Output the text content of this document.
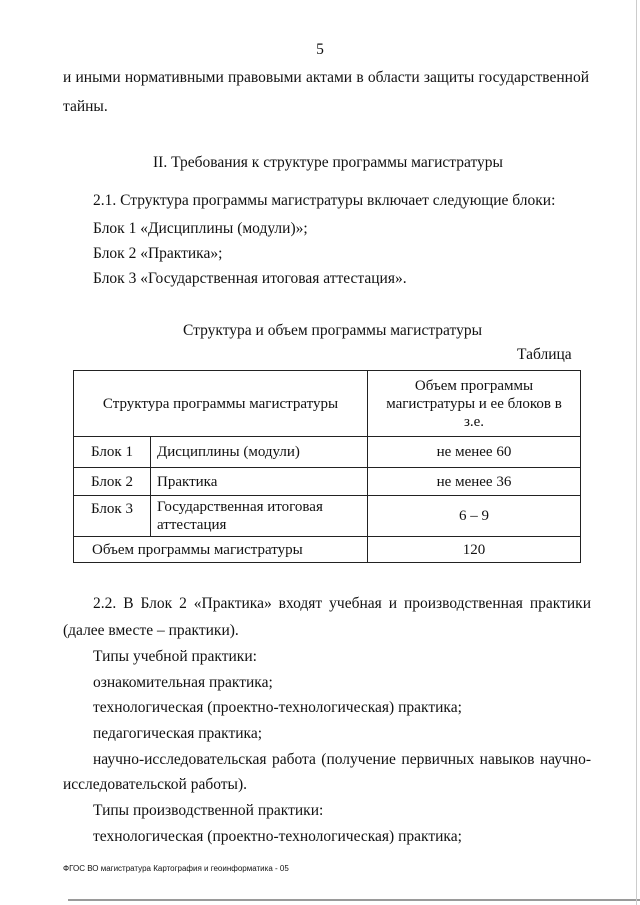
5
и иными нормативными правовыми актами в области защиты государственной
тайны.
II. Требования к структуре программы магистратуры
2.1. Структура программы магистратуры включает следующие блоки:
Блок 1 «Дисциплины (модули)»;
Блок 2 «Практика»;
Блок 3 «Государственная итоговая аттестация».
Структура и объем программы магистратуры
Таблица
Структура программы магистратуры		Объем программы магистратуры и ее блоков в з.е.
Блок 1	Дисциплины (модули)	не менее 60
Блок 2	Практика	не менее 36
Блок 3	Государственная итоговая аттестация	6 – 9
Объем программы магистратуры		120
2.2. В Блок 2 «Практика» входят учебная и производственная практики
(далее вместе – практики).
Типы учебной практики:
ознакомительная практика;
технологическая (проектно-технологическая) практика;
педагогическая практика;
научно-исследовательская работа (получение первичных навыков научно-
исследовательской работы).
Типы производственной практики:
технологическая (проектно-технологическая) практика;
ФГОС ВО магистратура Картография и геоинформатика - 05
